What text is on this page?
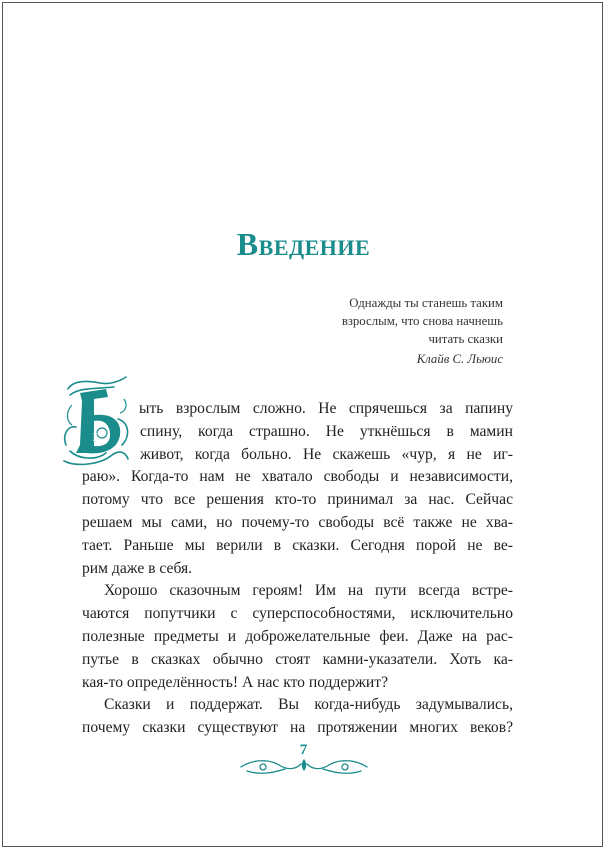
Введение
Однажды ты станешь таким
взрослым, что снова начнешь
читать сказки
Клайв С. Льюис
Б
ыть взрослым сложно. Не спрячешься за папину
спину, когда страшно. Не уткнёшься в мамин
живот, когда больно. Не скажешь «чур, я не иг-
раю». Когда-то нам не хватало свободы и независимости,
потому что все решения кто-то принимал за нас. Сейчас
решаем мы сами, но почему-то свободы всё также не хва-
тает. Раньше мы верили в сказки. Сегодня порой не ве-
рим даже в себя.
Хорошо сказочным героям! Им на пути всегда встре-
чаются попутчики с суперспособностями, исключительно
полезные предметы и доброжелательные феи. Даже на рас-
путье в сказках обычно стоят камни-указатели. Хоть ка-
кая-то определённость! А нас кто поддержит?
Сказки и поддержат. Вы когда-нибудь задумывались,
почему сказки существуют на протяжении многих веков?
7
